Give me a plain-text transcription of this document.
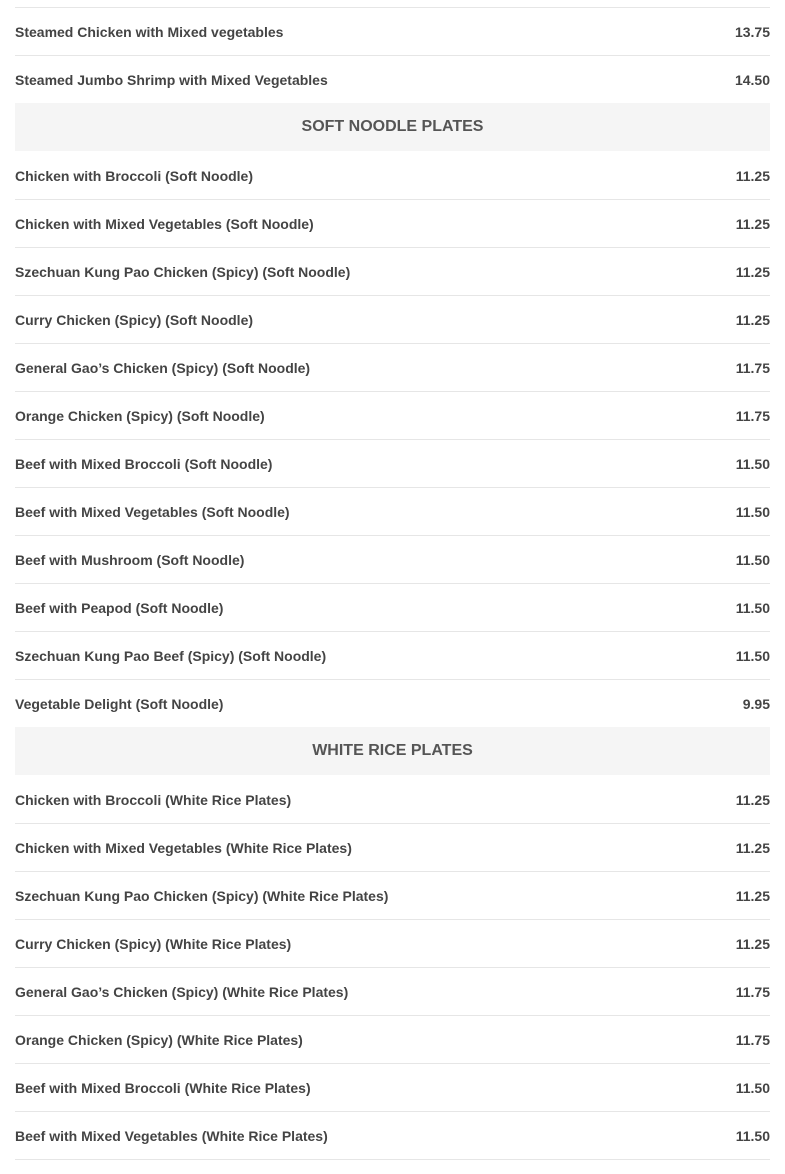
Steamed Chicken with Mixed vegetables	13.75
Steamed Jumbo Shrimp with Mixed Vegetables	14.50
SOFT NOODLE PLATES
Chicken with Broccoli (Soft Noodle)	11.25
Chicken with Mixed Vegetables (Soft Noodle)	11.25
Szechuan Kung Pao Chicken (Spicy) (Soft Noodle)	11.25
Curry Chicken (Spicy) (Soft Noodle)	11.25
General Gao’s Chicken (Spicy) (Soft Noodle)	11.75
Orange Chicken (Spicy) (Soft Noodle)	11.75
Beef with Mixed Broccoli (Soft Noodle)	11.50
Beef with Mixed Vegetables (Soft Noodle)	11.50
Beef with Mushroom (Soft Noodle)	11.50
Beef with Peapod (Soft Noodle)	11.50
Szechuan Kung Pao Beef (Spicy) (Soft Noodle)	11.50
Vegetable Delight (Soft Noodle)	9.95
WHITE RICE PLATES
Chicken with Broccoli (White Rice Plates)	11.25
Chicken with Mixed Vegetables (White Rice Plates)	11.25
Szechuan Kung Pao Chicken (Spicy) (White Rice Plates)	11.25
Curry Chicken (Spicy) (White Rice Plates)	11.25
General Gao’s Chicken (Spicy) (White Rice Plates)	11.75
Orange Chicken (Spicy) (White Rice Plates)	11.75
Beef with Mixed Broccoli (White Rice Plates)	11.50
Beef with Mixed Vegetables (White Rice Plates)	11.50
